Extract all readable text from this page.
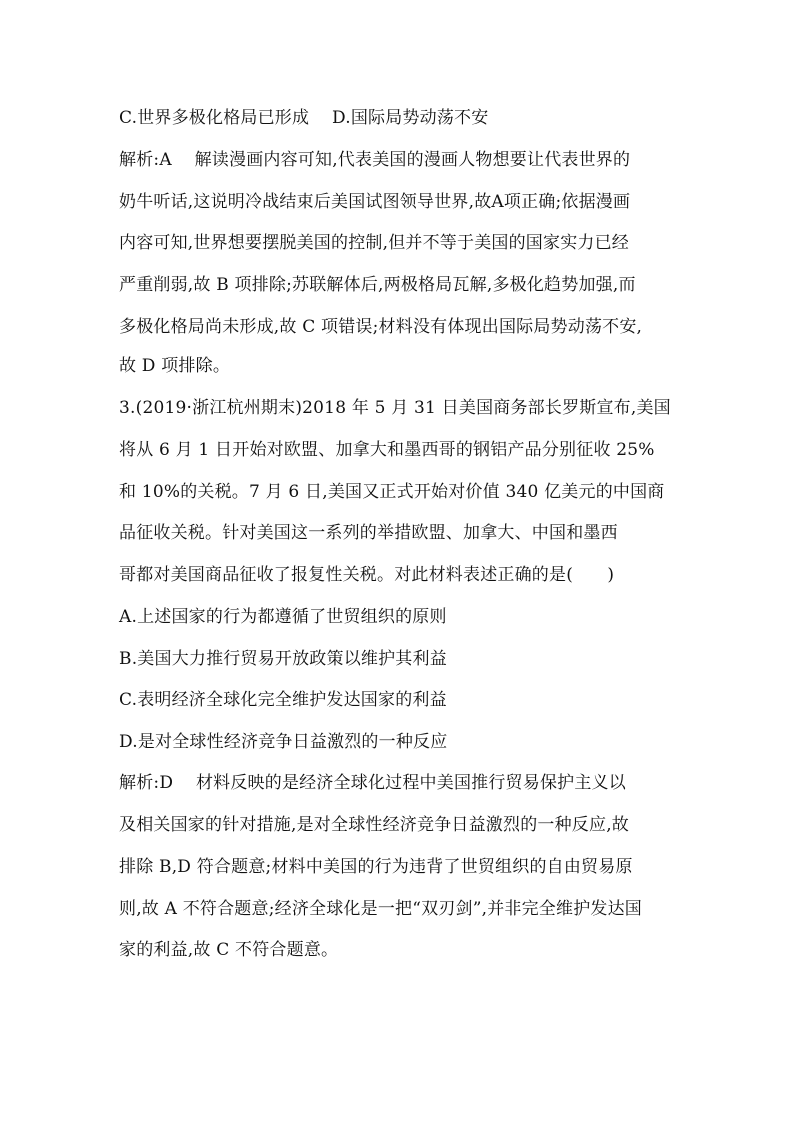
C.世界多极化格局已形成　 D.国际局势动荡不安
解析:A　 解读漫画内容可知,代表美国的漫画人物想要让代表世界的
奶牛听话,这说明冷战结束后美国试图领导世界,故A项正确;依据漫画
内容可知,世界想要摆脱美国的控制,但并不等于美国的国家实力已经
严重削弱,故 B 项排除;苏联解体后,两极格局瓦解,多极化趋势加强,而
多极化格局尚未形成,故 C 项错误;材料没有体现出国际局势动荡不安,
故 D 项排除。
3.(2019·浙江杭州期末)2018 年 5 月 31 日美国商务部长罗斯宣布,美国
将从 6 月 1 日开始对欧盟、加拿大和墨西哥的钢铝产品分别征收 25%
和 10%的关税。7 月 6 日,美国又正式开始对价值 340 亿美元的中国商
品征收关税。针对美国这一系列的举措欧盟、加拿大、中国和墨西
哥都对美国商品征收了报复性关税。对此材料表述正确的是(　　)
A.上述国家的行为都遵循了世贸组织的原则
B.美国大力推行贸易开放政策以维护其利益
C.表明经济全球化完全维护发达国家的利益
D.是对全球性经济竞争日益激烈的一种反应
解析:D　 材料反映的是经济全球化过程中美国推行贸易保护主义以
及相关国家的针对措施,是对全球性经济竞争日益激烈的一种反应,故
排除 B,D 符合题意;材料中美国的行为违背了世贸组织的自由贸易原
则,故 A 不符合题意;经济全球化是一把“双刃剑”,并非完全维护发达国
家的利益,故 C 不符合题意。
